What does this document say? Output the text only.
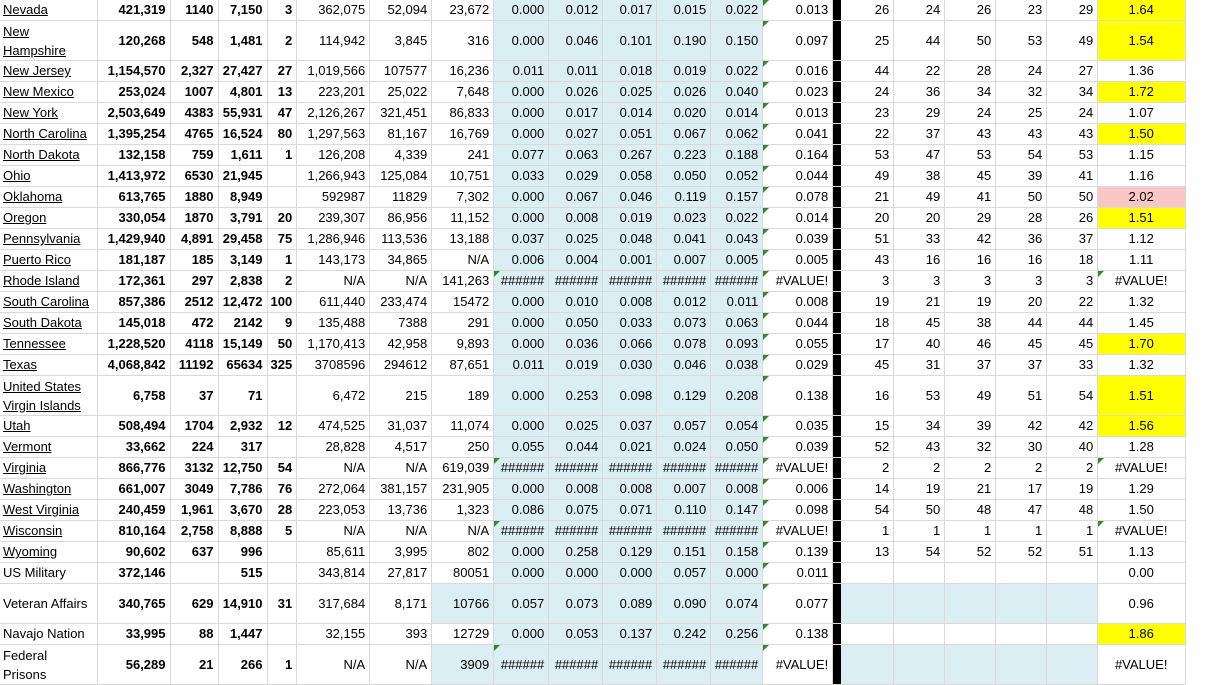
Nevada	421,319	1140	7,150	3	362,075	52,094	23,672	0.000	0.012	0.017	0.015	0.022	0.013		26	24	26	23	29	1.64
New Hampshire	120,268	548	1,481	2	114,942	3,845	316	0.000	0.046	0.101	0.190	0.150	0.097		25	44	50	53	49	1.54
New Jersey	1,154,570	2,327	27,427	27	1,019,566	107577	16,236	0.011	0.011	0.018	0.019	0.022	0.016		44	22	28	24	27	1.36
New Mexico	253,024	1007	4,801	13	223,201	25,022	7,648	0.000	0.026	0.025	0.026	0.040	0.023		24	36	34	32	34	1.72
New York	2,503,649	4383	55,931	47	2,126,267	321,451	86,833	0.000	0.017	0.014	0.020	0.014	0.013		23	29	24	25	24	1.07
North Carolina	1,395,254	4765	16,524	80	1,297,563	81,167	16,769	0.000	0.027	0.051	0.067	0.062	0.041		22	37	43	43	43	1.50
North Dakota	132,158	759	1,611	1	126,208	4,339	241	0.077	0.063	0.267	0.223	0.188	0.164		53	47	53	54	53	1.15
Ohio	1,413,972	6530	21,945		1,266,943	125,084	10,751	0.033	0.029	0.058	0.050	0.052	0.044		49	38	45	39	41	1.16
Oklahoma	613,765	1880	8,949		592987	11829	7,302	0.000	0.067	0.046	0.119	0.157	0.078		21	49	41	50	50	2.02
Oregon	330,054	1870	3,791	20	239,307	86,956	11,152	0.000	0.008	0.019	0.023	0.022	0.014		20	20	29	28	26	1.51
Pennsylvania	1,429,940	4,891	29,458	75	1,286,946	113,536	13,188	0.037	0.025	0.048	0.041	0.043	0.039		51	33	42	36	37	1.12
Puerto Rico	181,187	185	3,149	1	143,173	34,865	N/A	0.006	0.004	0.001	0.007	0.005	0.005		43	16	16	16	18	1.11
Rhode Island	172,361	297	2,838	2	N/A	N/A	141,263	######	######	######	######	######	#VALUE!		3	3	3	3	3	#VALUE!
South Carolina	857,386	2512	12,472	100	611,440	233,474	15472	0.000	0.010	0.008	0.012	0.011	0.008		19	21	19	20	22	1.32
South Dakota	145,018	472	2142	9	135,488	7388	291	0.000	0.050	0.033	0.073	0.063	0.044		18	45	38	44	44	1.45
Tennessee	1,228,520	4118	15,149	50	1,170,413	42,958	9,893	0.000	0.036	0.066	0.078	0.093	0.055		17	40	46	45	45	1.70
Texas	4,068,842	11192	65634	325	3708596	294612	87,651	0.011	0.019	0.030	0.046	0.038	0.029		45	31	37	37	33	1.32
United States Virgin Islands	6,758	37	71		6,472	215	189	0.000	0.253	0.098	0.129	0.208	0.138		16	53	49	51	54	1.51
Utah	508,494	1704	2,932	12	474,525	31,037	11,074	0.000	0.025	0.037	0.057	0.054	0.035		15	34	39	42	42	1.56
Vermont	33,662	224	317		28,828	4,517	250	0.055	0.044	0.021	0.024	0.050	0.039		52	43	32	30	40	1.28
Virginia	866,776	3132	12,750	54	N/A	N/A	619,039	######	######	######	######	######	#VALUE!		2	2	2	2	2	#VALUE!
Washington	661,007	3049	7,786	76	272,064	381,157	231,905	0.000	0.008	0.008	0.007	0.008	0.006		14	19	21	17	19	1.29
West Virginia	240,459	1,961	3,670	28	223,053	13,736	1,323	0.086	0.075	0.071	0.110	0.147	0.098		54	50	48	47	48	1.50
Wisconsin	810,164	2,758	8,888	5	N/A	N/A	N/A	######	######	######	######	######	#VALUE!		1	1	1	1	1	#VALUE!
Wyoming	90,602	637	996		85,611	3,995	802	0.000	0.258	0.129	0.151	0.158	0.139		13	54	52	52	51	1.13
US Military	372,146		515		343,814	27,817	80051	0.000	0.000	0.000	0.057	0.000	0.011							0.00
Veteran Affairs	340,765	629	14,910	31	317,684	8,171	10766	0.057	0.073	0.089	0.090	0.074	0.077							0.96
Navajo Nation	33,995	88	1,447		32,155	393	12729	0.000	0.053	0.137	0.242	0.256	0.138							1.86
Federal Prisons	56,289	21	266	1	N/A	N/A	3909	######	######	######	######	######	#VALUE!							#VALUE!
